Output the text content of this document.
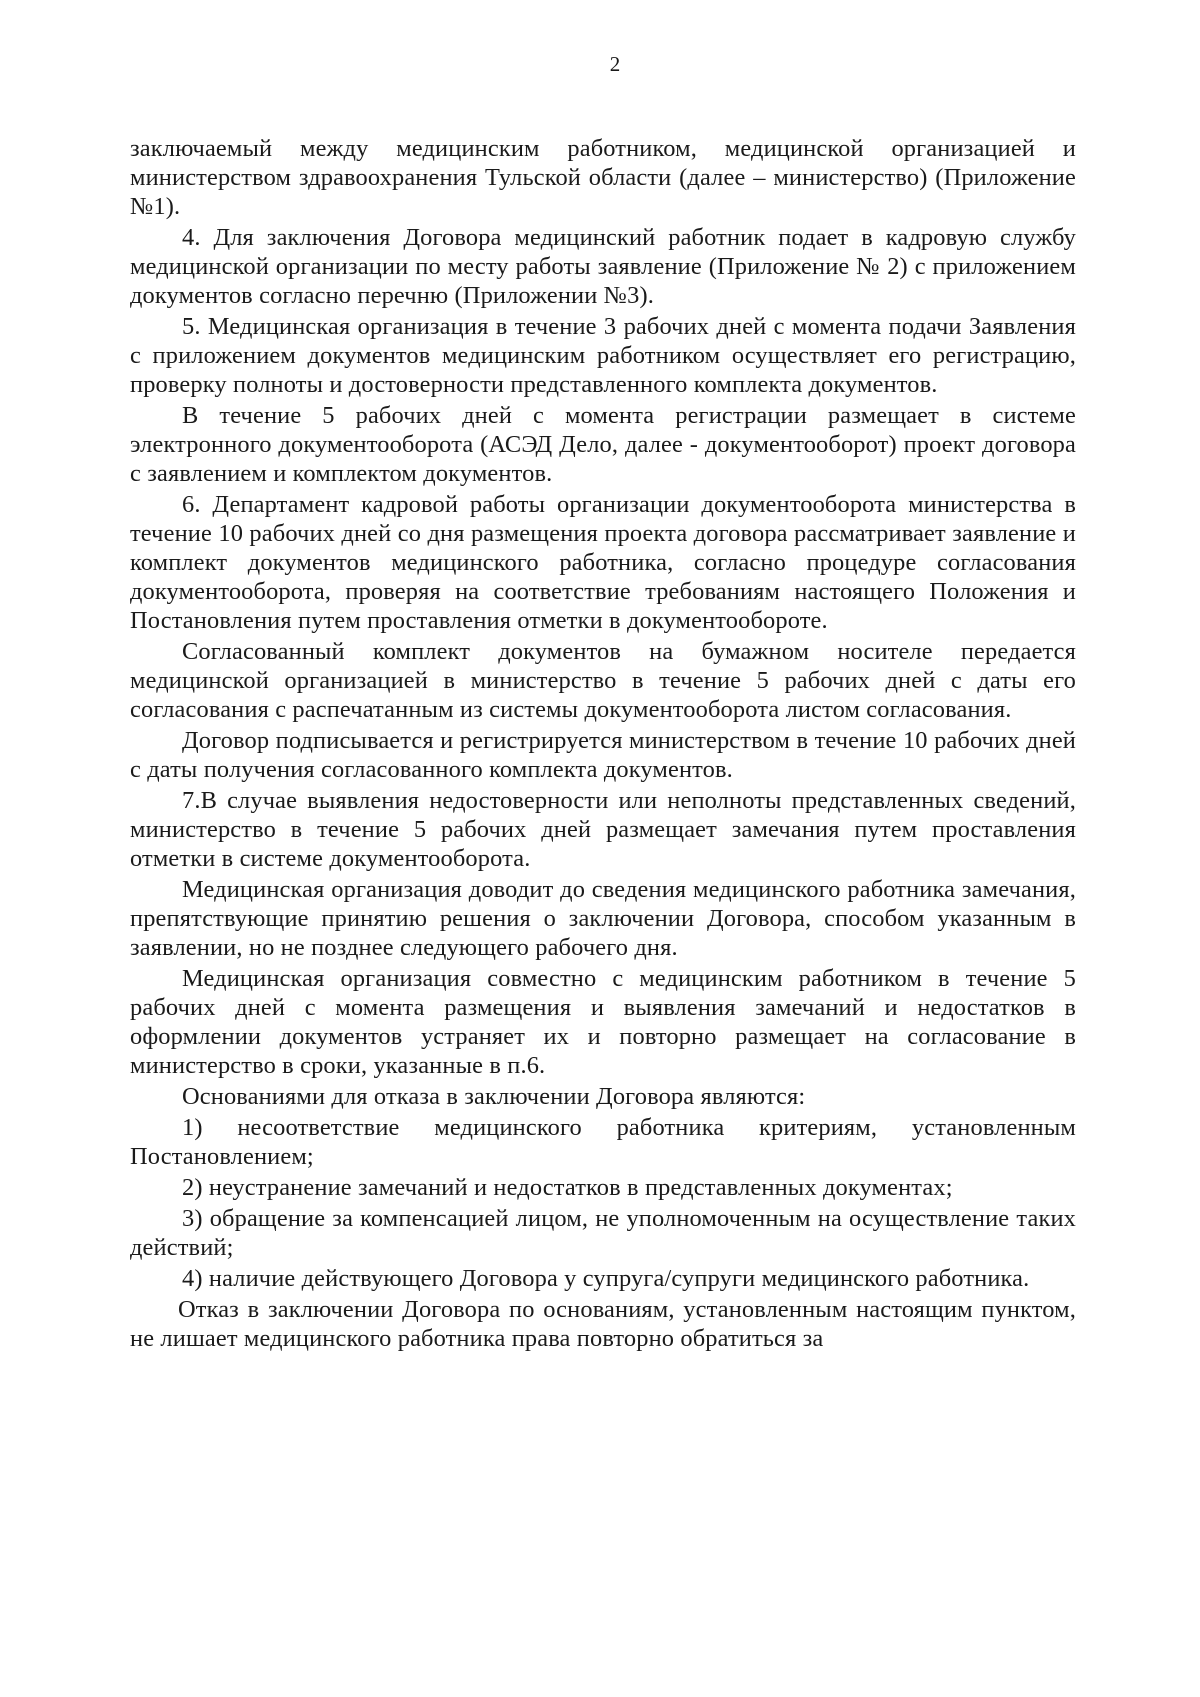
2

заключаемый между медицинским работником, медицинской организацией и министерством здравоохранения Тульской области (далее – министерство) (Приложение №1).

4. Для заключения Договора медицинский работник подает в кадровую службу медицинской организации по месту работы заявление (Приложение № 2) с приложением документов согласно перечню (Приложении №3).

5. Медицинская организация в течение 3 рабочих дней с момента подачи Заявления с приложением документов медицинским работником осуществляет его регистрацию, проверку полноты и достоверности представленного комплекта документов.

В течение 5 рабочих дней с момента регистрации размещает в системе электронного документооборота (АСЭД Дело, далее - документооборот) проект договора с заявлением и комплектом документов.

6. Департамент кадровой работы организации документооборота министерства в течение 10 рабочих дней со дня размещения проекта договора рассматривает заявление и комплект документов медицинского работника, согласно процедуре согласования документооборота, проверяя на соответствие требованиям настоящего Положения и Постановления путем проставления отметки в документообороте.

Согласованный комплект документов на бумажном носителе передается медицинской организацией в министерство в течение 5 рабочих дней с даты его согласования с распечатанным из системы документооборота листом согласования.

Договор подписывается и регистрируется министерством в течение 10 рабочих дней с даты получения согласованного комплекта документов.

7.В случае выявления недостоверности или неполноты представленных сведений, министерство в течение 5 рабочих дней размещает замечания путем проставления отметки в системе документооборота.

Медицинская организация доводит до сведения медицинского работника замечания, препятствующие принятию решения о заключении Договора, способом указанным в заявлении, но не позднее следующего рабочего дня.

Медицинская организация совместно с медицинским работником в течение 5 рабочих дней с момента размещения и выявления замечаний и недостатков в оформлении документов устраняет их и повторно размещает на согласование в министерство в сроки, указанные в п.6.

Основаниями для отказа в заключении Договора являются:

1) несоответствие медицинского работника критериям, установленным Постановлением;

2) неустранение замечаний и недостатков в представленных документах;

3) обращение за компенсацией лицом, не уполномоченным на осуществление таких действий;

4) наличие действующего Договора у супруга/супруги медицинского работника.

Отказ в заключении Договора по основаниям, установленным настоящим пунктом, не лишает медицинского работника права повторно обратиться за
